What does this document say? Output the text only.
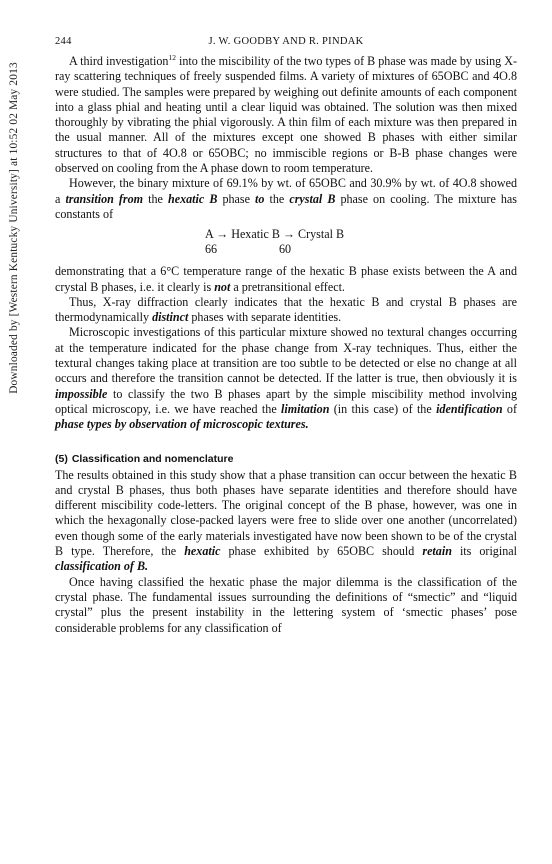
Downloaded by [Western Kentucky University] at 10:52 02 May 2013
244	J. W. GOODBY AND R. PINDAK

A third investigation$^{12}$ into the miscibility of the two types of B phase was made by using X-ray scattering techniques of freely suspended films. A variety of mixtures of 65OBC and 4O.8 were studied. The samples were prepared by weighing out definite amounts of each component into a glass phial and heating until a clear liquid was obtained. The solution was then mixed thoroughly by vibrating the phial vigorously. A thin film of each mixture was then prepared in the usual manner. All of the mixtures except one showed B phases with either similar structures to that of 4O.8 or 65OBC; no immiscible regions or B-B phase changes were observed on cooling from the A phase down to room temperature.

However, the binary mixture of 69.1% by wt. of 65OBC and 30.9% by wt. of 4O.8 showed a transition from the hexatic B phase to the crystal B phase on cooling. The mixture has constants of

A → Hexatic B → Crystal B
66	60

demonstrating that a 6°C temperature range of the hexatic B phase exists between the A and crystal B phases, i.e. it clearly is not a pretransitional effect.

Thus, X-ray diffraction clearly indicates that the hexatic B and crystal B phases are thermodynamically distinct phases with separate identities.

Microscopic investigations of this particular mixture showed no textural changes occurring at the temperature indicated for the phase change from X-ray techniques. Thus, either the textural changes taking place at transition are too subtle to be detected or else no change at all occurs and therefore the transition cannot be detected. If the latter is true, then obviously it is impossible to classify the two B phases apart by the simple miscibility method involving optical microscopy, i.e. we have reached the limitation (in this case) of the identification of phase types by observation of microscopic textures.

(5) Classification and nomenclature

The results obtained in this study show that a phase transition can occur between the hexatic B and crystal B phases, thus both phases have separate identities and therefore should have different miscibility code-letters. The original concept of the B phase, however, was one in which the hexagonally close-packed layers were free to slide over one another (uncorrelated) even though some of the early materials investigated have now been shown to be of the crystal B type. Therefore, the hexatic phase exhibited by 65OBC should retain its original classification of B.

Once having classified the hexatic phase the major dilemma is the classification of the crystal phase. The fundamental issues surrounding the definitions of “smectic” and “liquid crystal” plus the present instability in the lettering system of ‘smectic phases’ pose considerable problems for any classification of
